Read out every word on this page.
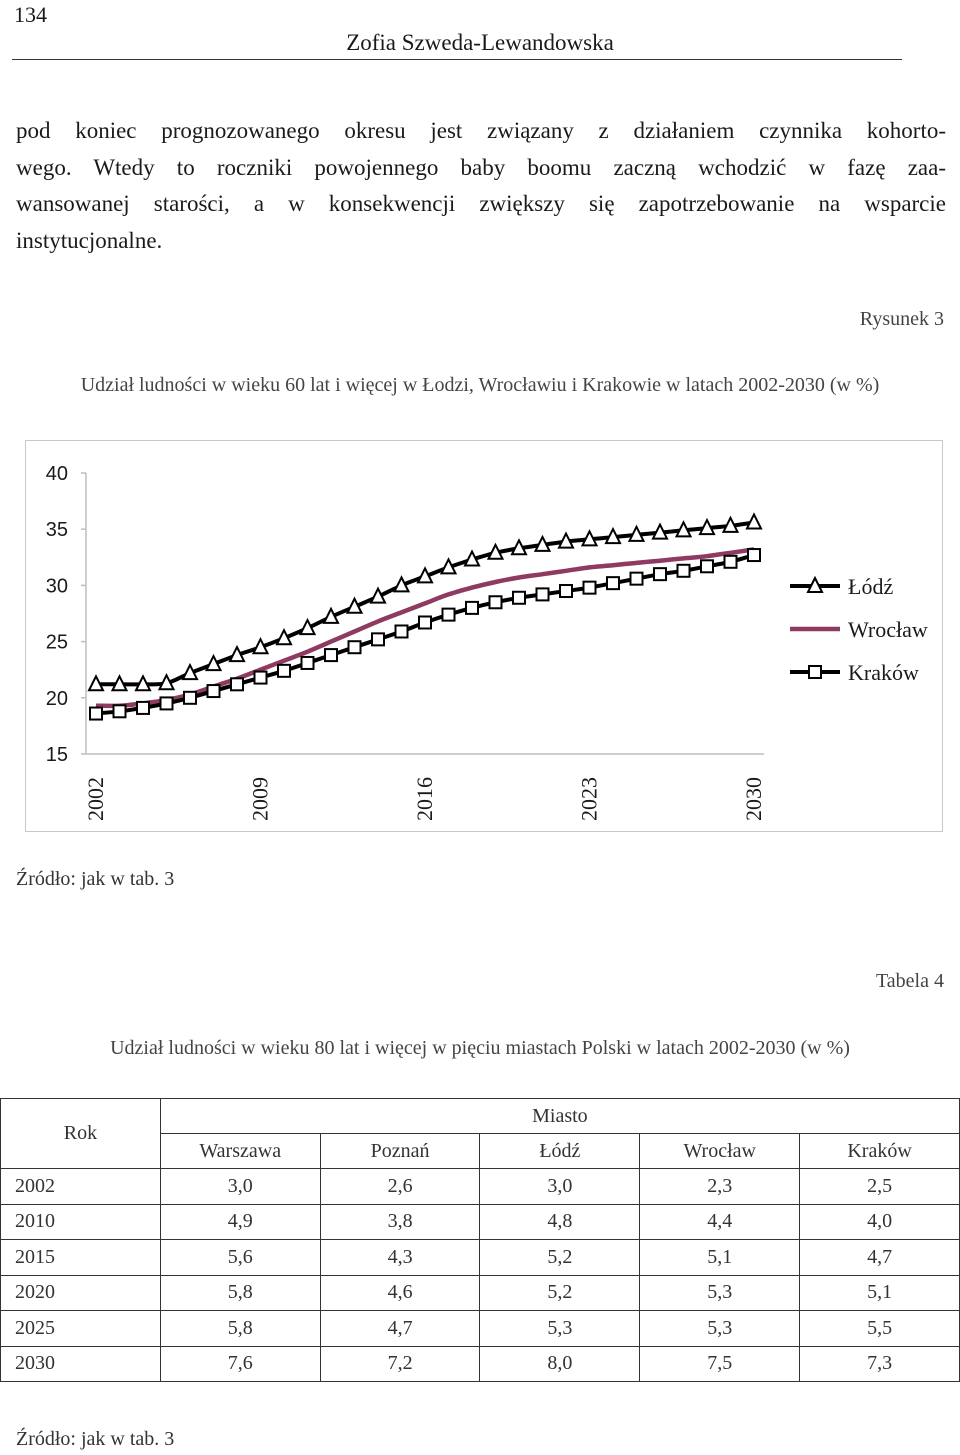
134
Zofia Szweda-Lewandowska
pod koniec prognozowanego okresu jest związany z działaniem czynnika kohorto-
wego. Wtedy to roczniki powojennego baby boomu zaczną wchodzić w fazę zaa-
wansowanej starości, a w konsekwencji zwiększy się zapotrzebowanie na wsparcie
instytucjonalne.
Rysunek 3
Udział ludności w wieku 60 lat i więcej w Łodzi, Wrocławiu i Krakowie w latach 2002-2030 (w %)
40
35
30
25
20
15
2002	2009	2016	2023	2030
Łódź
Wrocław
Kraków
Źródło: jak w tab. 3
Tabela 4
Udział ludności w wieku 80 lat i więcej w pięciu miastach Polski w latach 2002-2030 (w %)
Rok	Miasto				
	Warszawa	Poznań	Łódź	Wrocław	Kraków
2002	3,0	2,6	3,0	2,3	2,5
2010	4,9	3,8	4,8	4,4	4,0
2015	5,6	4,3	5,2	5,1	4,7
2020	5,8	4,6	5,2	5,3	5,1
2025	5,8	4,7	5,3	5,3	5,5
2030	7,6	7,2	8,0	7,5	7,3
Źródło: jak w tab. 3
